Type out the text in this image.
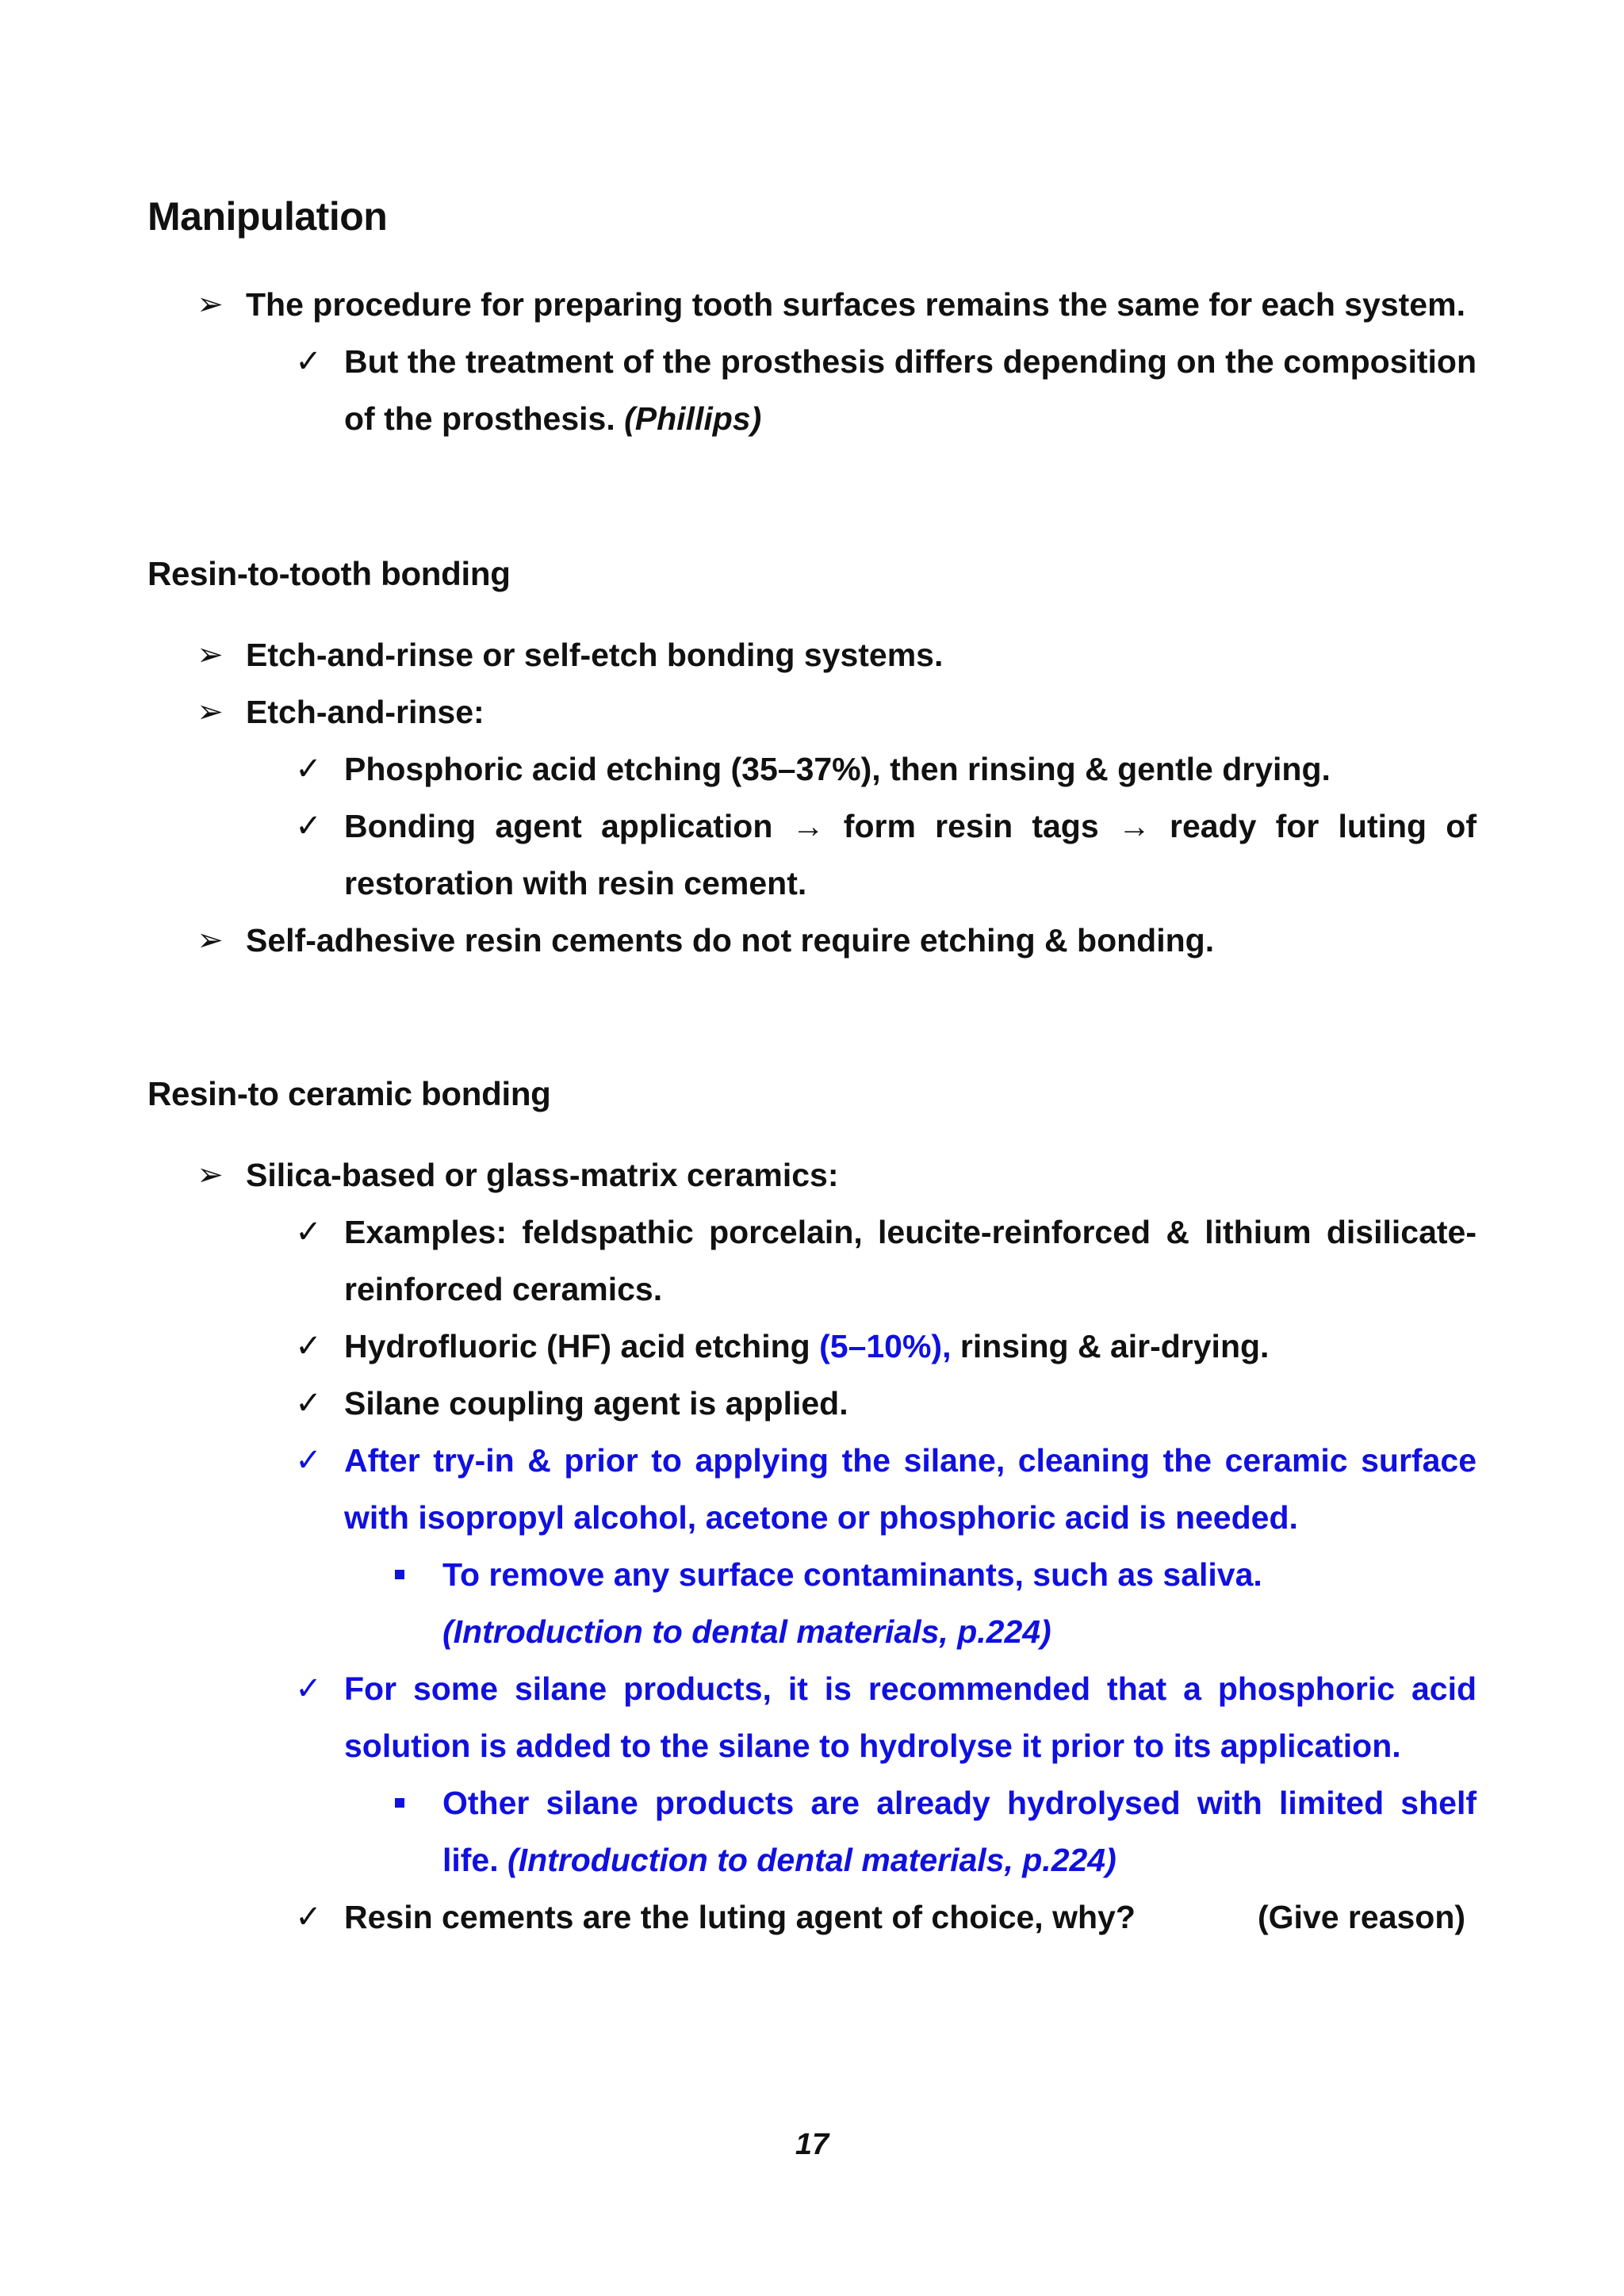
Manipulation
➢ The procedure for preparing tooth surfaces remains the same for each system.
✓ But the treatment of the prosthesis differs depending on the composition
of the prosthesis. (Phillips)
Resin-to-tooth bonding
➢ Etch-and-rinse or self-etch bonding systems.
➢ Etch-and-rinse:
✓ Phosphoric acid etching (35–37%), then rinsing & gentle drying.
✓ Bonding agent application → form resin tags → ready for luting of
restoration with resin cement.
➢ Self-adhesive resin cements do not require etching & bonding.
Resin-to ceramic bonding
➢ Silica-based or glass-matrix ceramics:
✓ Examples: feldspathic porcelain, leucite-reinforced & lithium disilicate-
reinforced ceramics.
✓ Hydrofluoric (HF) acid etching (5–10%), rinsing & air-drying.
✓ Silane coupling agent is applied.
✓ After try-in & prior to applying the silane, cleaning the ceramic surface
with isopropyl alcohol, acetone or phosphoric acid is needed.
To remove any surface contaminants, such as saliva.
(Introduction to dental materials, p.224)
✓ For some silane products, it is recommended that a phosphoric acid
solution is added to the silane to hydrolyse it prior to its application.
Other silane products are already hydrolysed with limited shelf
life. (Introduction to dental materials, p.224)
✓ Resin cements are the luting agent of choice, why?	(Give reason)
17
